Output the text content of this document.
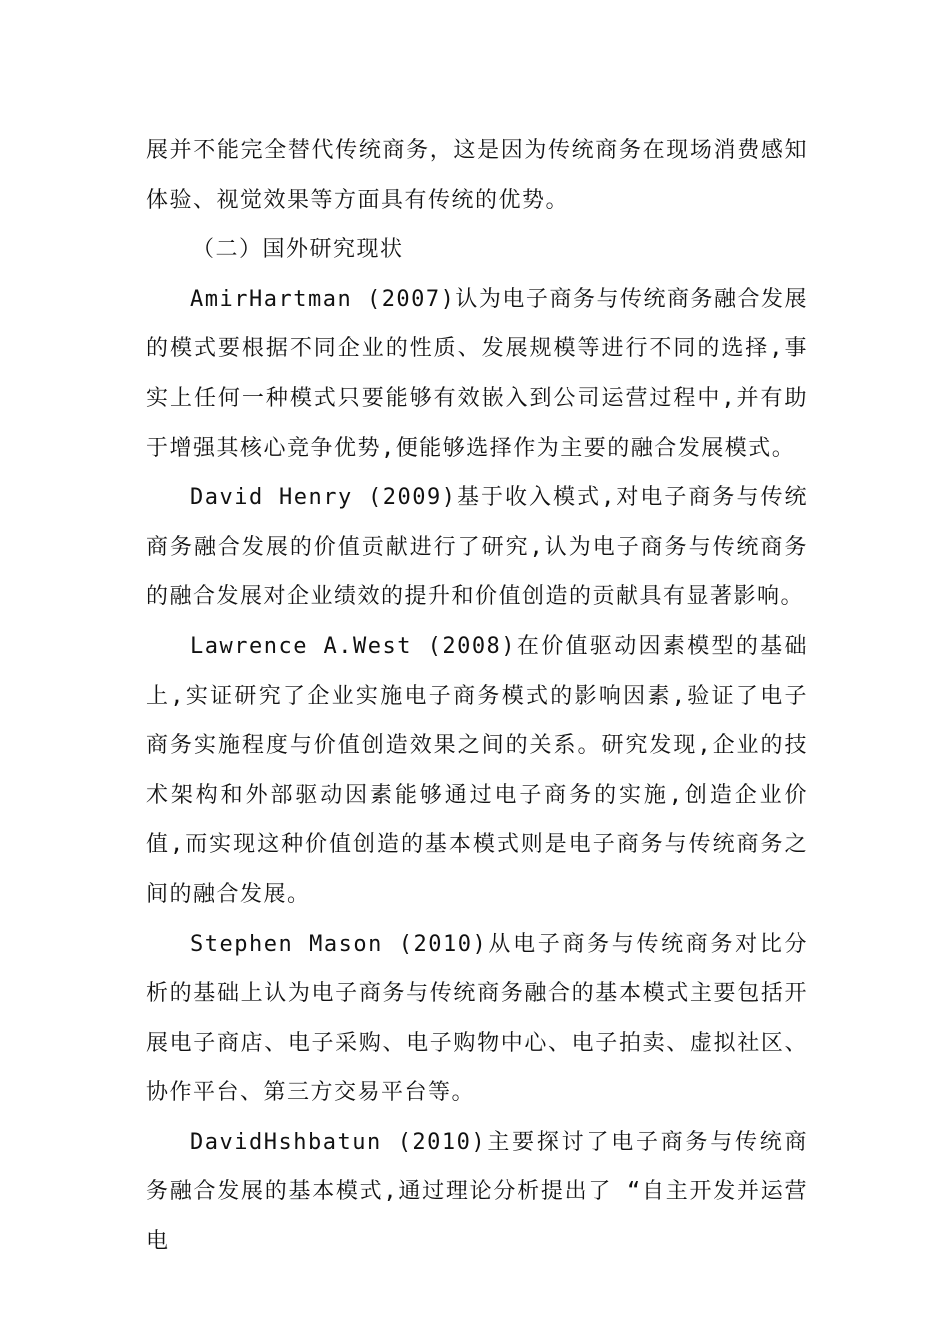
展并不能完全替代传统商务，这是因为传统商务在现场消费感知体验、视觉效果等方面具有传统的优势。

（二）国外研究现状

AmirHartman (2007)认为电子商务与传统商务融合发展的模式要根据不同企业的性质、发展规模等进行不同的选择,事实上任何一种模式只要能够有效嵌入到公司运营过程中,并有助于增强其核心竞争优势,便能够选择作为主要的融合发展模式。

David Henry (2009)基于收入模式,对电子商务与传统商务融合发展的价值贡献进行了研究,认为电子商务与传统商务的融合发展对企业绩效的提升和价值创造的贡献具有显著影响。

Lawrence A.West (2008)在价值驱动因素模型的基础上,实证研究了企业实施电子商务模式的影响因素,验证了电子商务实施程度与价值创造效果之间的关系。研究发现,企业的技术架构和外部驱动因素能够通过电子商务的实施,创造企业价值,而实现这种价值创造的基本模式则是电子商务与传统商务之间的融合发展。

Stephen Mason (2010)从电子商务与传统商务对比分析的基础上认为电子商务与传统商务融合的基本模式主要包括开展电子商店、电子采购、电子购物中心、电子拍卖、虚拟社区、协作平台、第三方交易平台等。

DavidHshbatun (2010)主要探讨了电子商务与传统商务融合发展的基本模式,通过理论分析提出了 “自主开发并运营电
